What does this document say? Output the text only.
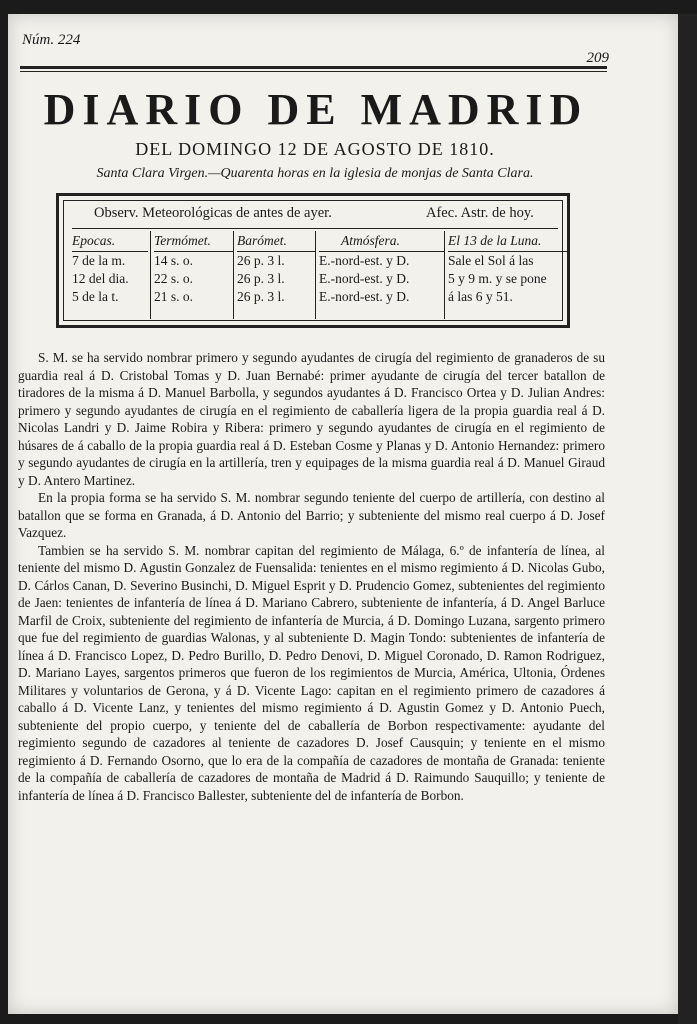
Núm. 224
209
DIARIO DE MADRID
DEL DOMINGO 12 DE AGOSTO DE 1810.
Santa Clara Virgen.—Quarenta horas en la iglesia de monjas de Santa Clara.
Observ. Meteorológicas de antes de ayer.	Afec. Astr. de hoy.
Epocas.
7 de la m.
12 del dia.
5 de la t.
Termómet.
14 s. o.
22 s. o.
21 s. o.
Barómet.
26 p. 3 l.
26 p. 3 l.
26 p. 3 l.
Atmósfera.
E.-nord-est. y D.
E.-nord-est. y D.
E.-nord-est. y D.
El 13 de la Luna.
Sale el Sol á las
5 y 9 m. y se pone
á las 6 y 51.

S. M. se ha servido nombrar primero y segundo ayudantes de cirugía del regimiento de granaderos de su guardia real á D. Cristobal Tomas y D. Juan Bernabé: primer ayudante de cirugía del tercer batallon de tiradores de la misma á D. Manuel Barbolla, y segundos ayudantes á D. Francisco Ortea y D. Julian Andres: primero y segundo ayudantes de cirugía en el regimiento de caballería ligera de la propia guardia real á D. Nicolas Landri y D. Jaime Robira y Ribera: primero y segundo ayudantes de cirugía en el regimiento de húsares de á caballo de la propia guardia real á D. Esteban Cosme y Planas y D. Antonio Hernandez: primero y segundo ayudantes de cirugía en la artillería, tren y equipages de la misma guardia real á D. Manuel Giraud y D. Antero Martinez.

En la propia forma se ha servido S. M. nombrar segundo teniente del cuerpo de artillería, con destino al batallon que se forma en Granada, á D. Antonio del Barrio; y subteniente del mismo real cuerpo á D. Josef Vazquez.

Tambien se ha servido S. M. nombrar capitan del regimiento de Málaga, 6.º de infantería de línea, al teniente del mismo D. Agustin Gonzalez de Fuensalida: tenientes en el mismo regimiento á D. Nicolas Gubo, D. Cárlos Canan, D. Severino Businchi, D. Miguel Esprit y D. Prudencio Gomez, subtenientes del regimiento de Jaen: tenientes de infantería de línea á D. Mariano Cabrero, subteniente de infantería, á D. Angel Barluce Marfil de Croix, subteniente del regimiento de infantería de Murcia, á D. Domingo Luzana, sargento primero que fue del regimiento de guardias Walonas, y al subteniente D. Magin Tondo: subtenientes de infantería de línea á D. Francisco Lopez, D. Pedro Burillo, D. Pedro Denovi, D. Miguel Coronado, D. Ramon Rodriguez, D. Mariano Layes, sargentos primeros que fueron de los regimientos de Murcia, América, Ultonia, Órdenes Militares y voluntarios de Gerona, y á D. Vicente Lago: capitan en el regimiento primero de cazadores á caballo á D. Vicente Lanz, y tenientes del mismo regimiento á D. Agustin Gomez y D. Antonio Puech, subteniente del propio cuerpo, y teniente del de caballería de Borbon respectivamente: ayudante del regimiento segundo de cazadores al teniente de cazadores D. Josef Causquin; y teniente en el mismo regimiento á D. Fernando Osorno, que lo era de la compañía de cazadores de montaña de Granada: teniente de la compañía de caballería de cazadores de montaña de Madrid á D. Raimundo Sauquillo; y teniente de infantería de línea á D. Francisco Ballester, subteniente del de infantería de Borbon.
